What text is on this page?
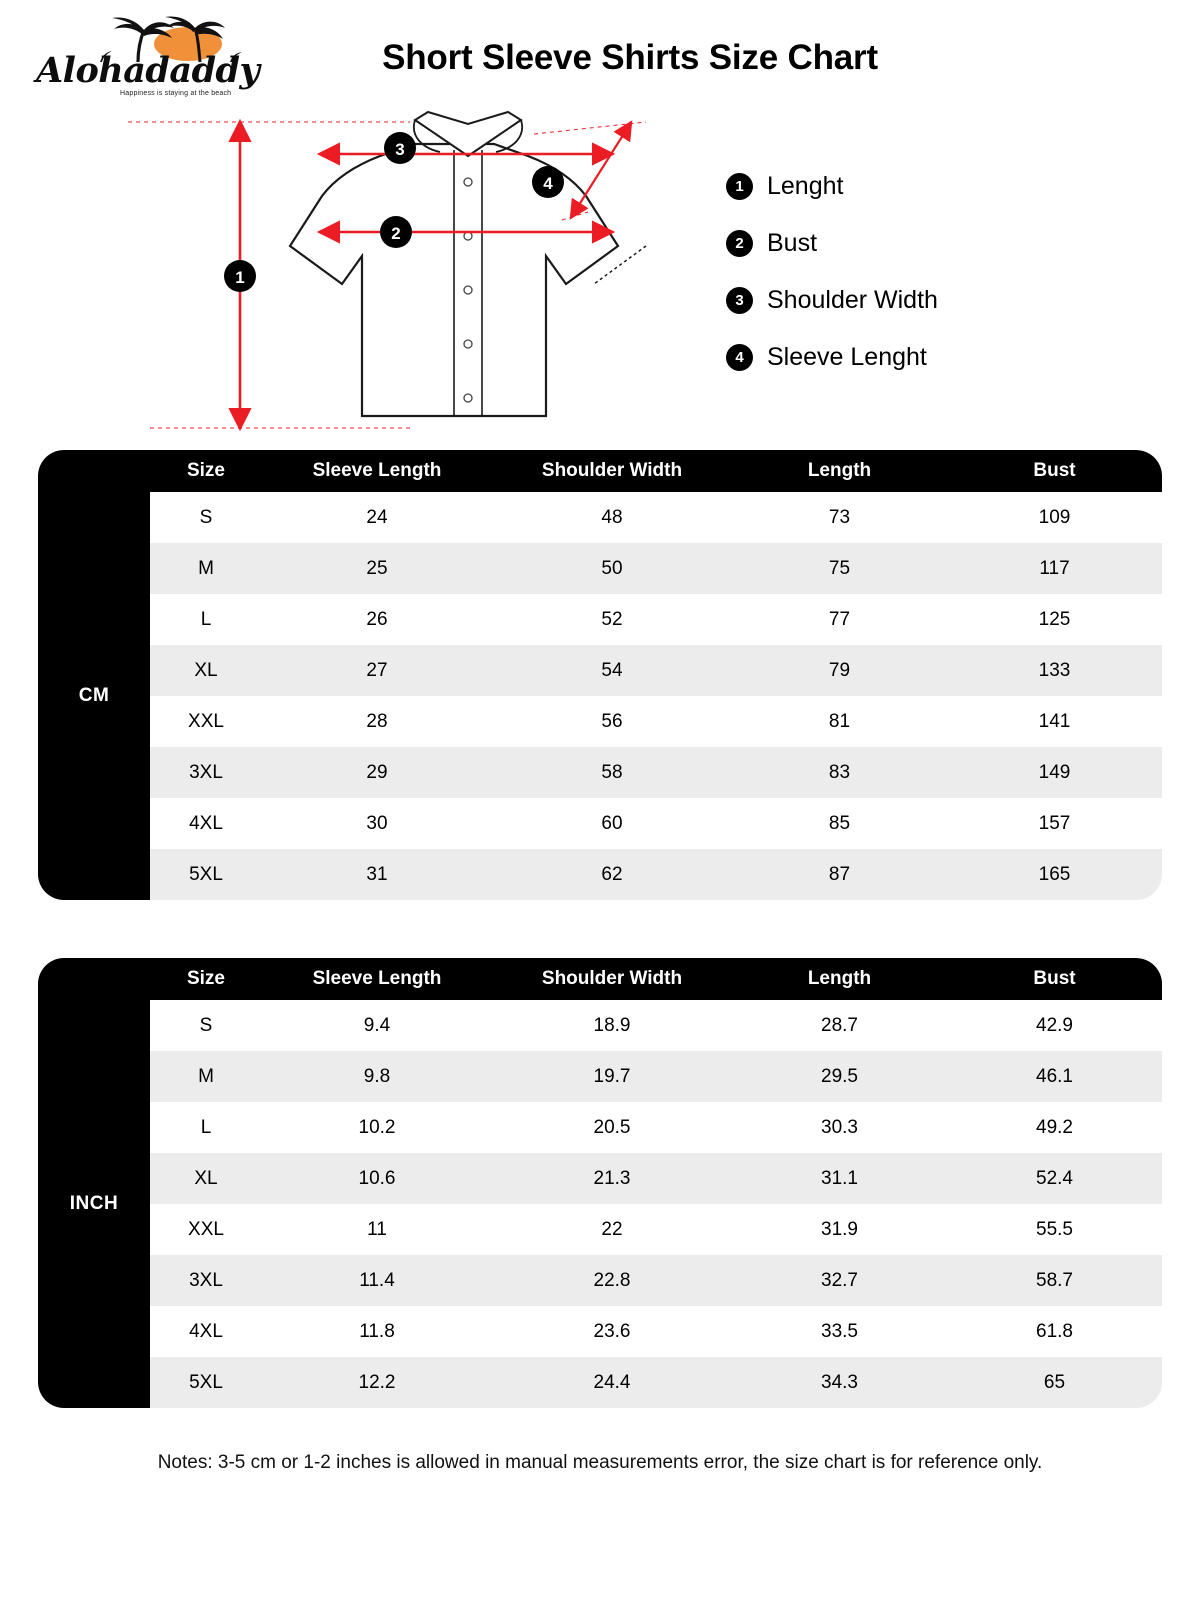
Alohadaddy
Happiness is staying at the beach
Short Sleeve Shirts Size Chart
1
2
3
4	1 Lenght
2 Bust
3 Shoulder Width
4 Sleeve Lenght
	Size	Sleeve Length	Shoulder Width	Length	Bust
CM	S	24	48	73	109
	M	25	50	75	117
	L	26	52	77	125
	XL	27	54	79	133
	XXL	28	56	81	141
	3XL	29	58	83	149
	4XL	30	60	85	157
	5XL	31	62	87	165
	Size	Sleeve Length	Shoulder Width	Length	Bust
INCH	S	9.4	18.9	28.7	42.9
	M	9.8	19.7	29.5	46.1
	L	10.2	20.5	30.3	49.2
	XL	10.6	21.3	31.1	52.4
	XXL	11	22	31.9	55.5
	3XL	11.4	22.8	32.7	58.7
	4XL	11.8	23.6	33.5	61.8
	5XL	12.2	24.4	34.3	65
Notes: 3-5 cm or 1-2 inches is allowed in manual measurements error, the size chart is for reference only.
